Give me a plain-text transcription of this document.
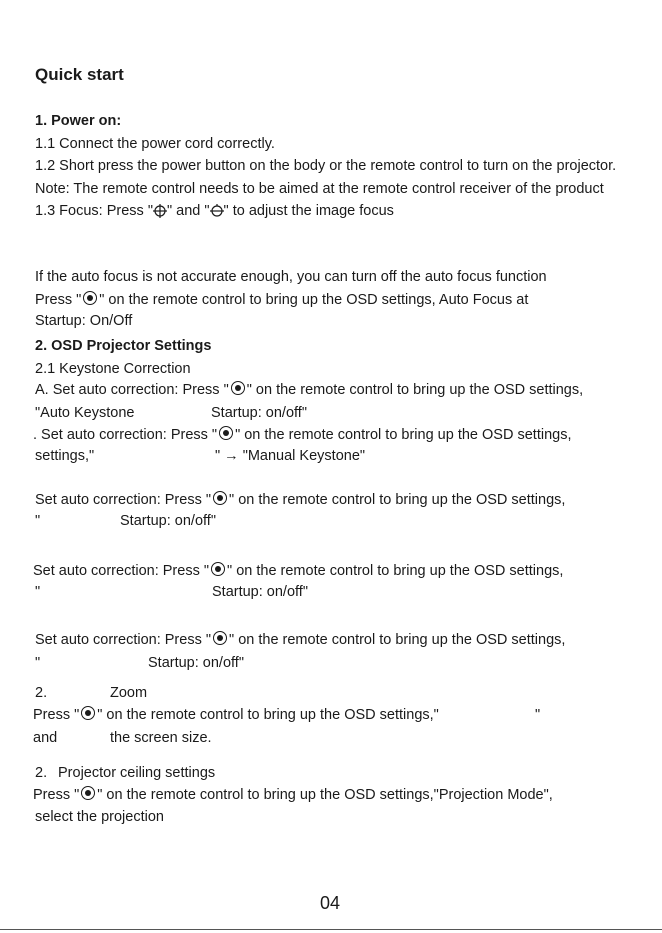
Quick start
1. Power on:
1.1 Connect the power cord correctly.
1.2 Short press the power button on the body or the remote control to turn on the projector.
Note: The remote control needs to be aimed at the remote control receiver of the product
1.3 Focus: Press " " and " " to adjust the image focus
If the auto focus is not accurate enough, you can turn off the auto focus function
Press " " on the remote control to bring up the OSD settings, Auto Focus at
Startup: On/Off
2. OSD Projector Settings
2.1 Keystone Correction
A. Set auto correction: Press " " on the remote control to bring up the OSD settings,
"Auto Keystone	Startup: on/off"
. Set auto correction: Press " " on the remote control to bring up the OSD settings,
settings,"	" → "Manual Keystone"
Set auto correction: Press " " on the remote control to bring up the OSD settings,
"	Startup: on/off"
Set auto correction: Press " " on the remote control to bring up the OSD settings,
"	Startup: on/off"
Set auto correction: Press " " on the remote control to bring up the OSD settings,
"	Startup: on/off"
2.	Zoom
Press " " on the remote control to bring up the OSD settings,"	"
and	the screen size.
2. Projector ceiling settings
Press " " on the remote control to bring up the OSD settings,"Projection Mode",
select the projection
04
